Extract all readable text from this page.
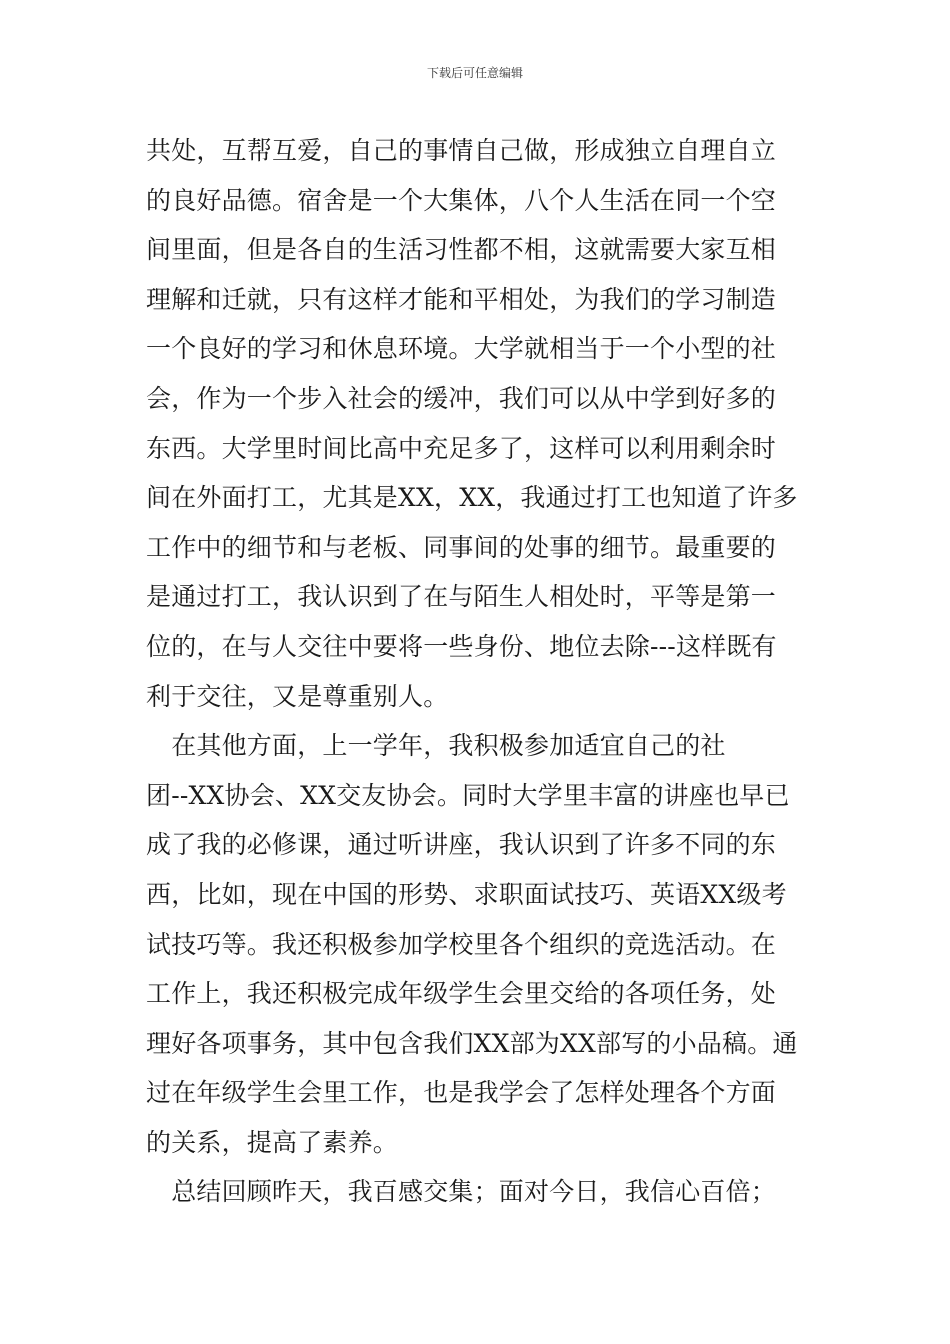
下载后可任意编辑
共处，互帮互爱，自己的事情自己做，形成独立自理自立
的良好品德。宿舍是一个大集体，八个人生活在同一个空
间里面，但是各自的生活习性都不相，这就需要大家互相
理解和迁就，只有这样才能和平相处，为我们的学习制造
一个良好的学习和休息环境。大学就相当于一个小型的社
会，作为一个步入社会的缓冲，我们可以从中学到好多的
东西。大学里时间比高中充足多了，这样可以利用剩余时
间在外面打工，尤其是XX，XX，我通过打工也知道了许多
工作中的细节和与老板、同事间的处事的细节。最重要的
是通过打工，我认识到了在与陌生人相处时，平等是第一
位的，在与人交往中要将一些身份、地位去除---这样既有
利于交往，又是尊重别人。
　在其他方面，上一学年，我积极参加适宜自己的社
团--XX协会、XX交友协会。同时大学里丰富的讲座也早已
成了我的必修课，通过听讲座，我认识到了许多不同的东
西，比如，现在中国的形势、求职面试技巧、英语XX级考
试技巧等。我还积极参加学校里各个组织的竞选活动。在
工作上，我还积极完成年级学生会里交给的各项任务，处
理好各项事务，其中包含我们XX部为XX部写的小品稿。通
过在年级学生会里工作，也是我学会了怎样处理各个方面
的关系，提高了素养。
　总结回顾昨天，我百感交集；面对今日，我信心百倍；
